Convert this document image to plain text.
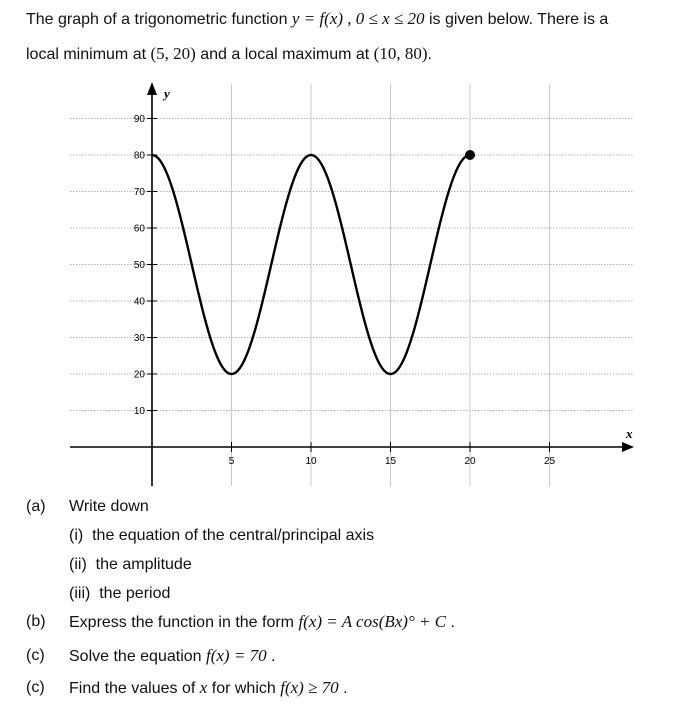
The graph of a trigonometric function y = f(x) , 0 ≤ x ≤ 20 is given below. There is a
local minimum at (5, 20) and a local maximum at (10, 80).
x
y
10
20
30
40
50
60
70
80
90
5	10	15	20	25
(a) Write down
(i) the equation of the central/principal axis
(ii) the amplitude
(iii) the period
(b) Express the function in the form f(x) = A cos(Bx)° + C .
(c) Solve the equation f(x) = 70 .
(c) Find the values of x for which f(x) ≥ 70 .
